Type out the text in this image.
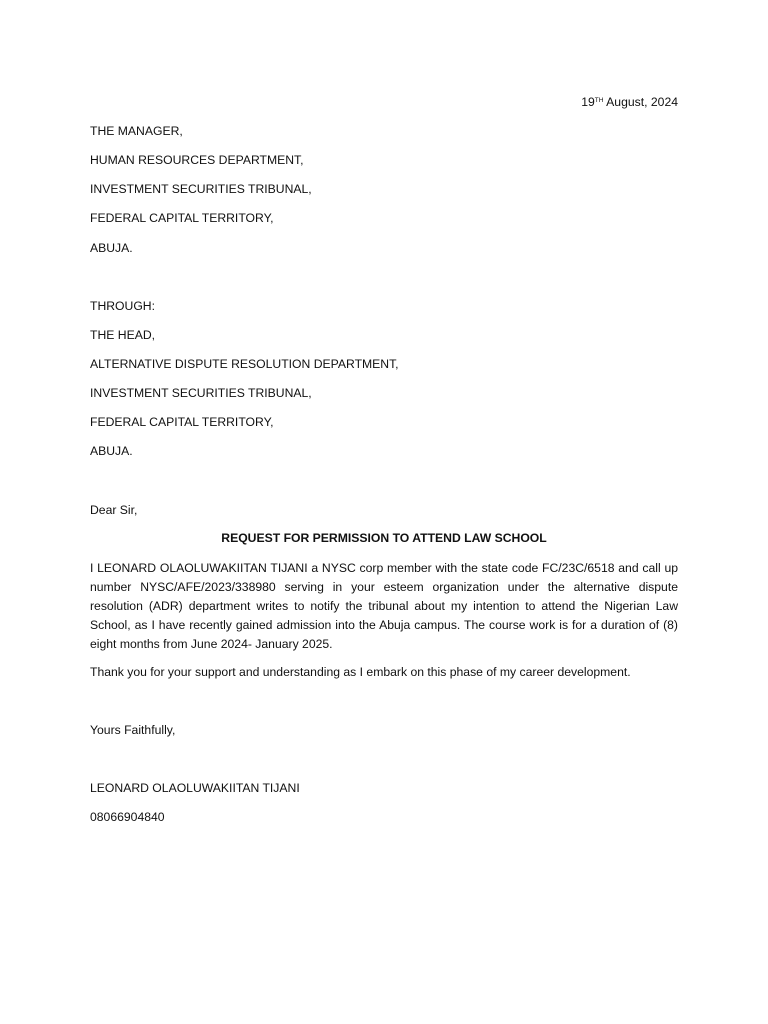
19TH August, 2024
THE MANAGER,
HUMAN RESOURCES DEPARTMENT,
INVESTMENT SECURITIES TRIBUNAL,
FEDERAL CAPITAL TERRITORY,
ABUJA.
THROUGH:
THE HEAD,
ALTERNATIVE DISPUTE RESOLUTION DEPARTMENT,
INVESTMENT SECURITIES TRIBUNAL,
FEDERAL CAPITAL TERRITORY,
ABUJA.
Dear Sir,
REQUEST FOR PERMISSION TO ATTEND LAW SCHOOL
I LEONARD OLAOLUWAKIITAN TIJANI a NYSC corp member with the state code FC/23C/6518 and call up number NYSC/AFE/2023/338980 serving in your esteem organization under the alternative dispute resolution (ADR) department writes to notify the tribunal about my intention to attend the Nigerian Law School, as I have recently gained admission into the Abuja campus. The course work is for a duration of (8) eight months from June 2024- January 2025.
Thank you for your support and understanding as I embark on this phase of my career development.
Yours Faithfully,
LEONARD OLAOLUWAKIITAN TIJANI
08066904840
